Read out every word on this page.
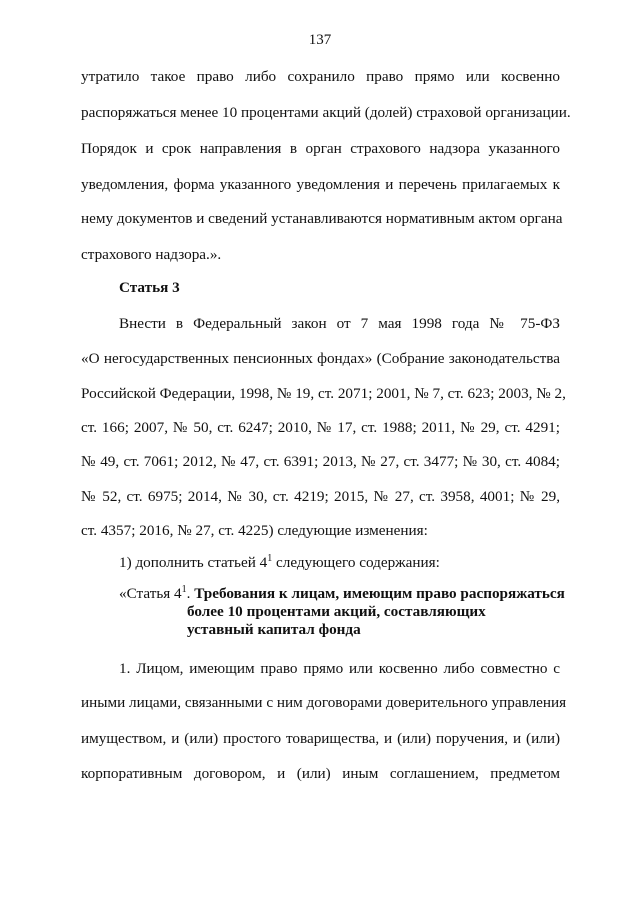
137
утратило такое право либо сохранило право прямо или косвенно
распоряжаться менее 10 процентами акций (долей) страховой организации.
Порядок и срок направления в орган страхового надзора указанного
уведомления, форма указанного уведомления и перечень прилагаемых к
нему документов и сведений устанавливаются нормативным актом органа
страхового надзора.».
Статья 3
Внести в Федеральный закон от 7 мая 1998 года № 75-ФЗ
«О негосударственных пенсионных фондах» (Собрание законодательства
Российской Федерации, 1998, № 19, ст. 2071; 2001, № 7, ст. 623; 2003, № 2,
ст. 166; 2007, № 50, ст. 6247; 2010, № 17, ст. 1988; 2011, № 29, ст. 4291;
№ 49, ст. 7061; 2012, № 47, ст. 6391; 2013, № 27, ст. 3477; № 30, ст. 4084;
№ 52, ст. 6975; 2014, № 30, ст. 4219; 2015, № 27, ст. 3958, 4001; № 29,
ст. 4357; 2016, № 27, ст. 4225) следующие изменения:
1) дополнить статьей $4^1$ следующего содержания:
«Статья $4^1$. Требования к лицам, имеющим право распоряжаться
более 10 процентами акций, составляющих
уставный капитал фонда
1. Лицом, имеющим право прямо или косвенно либо совместно с
иными лицами, связанными с ним договорами доверительного управления
имуществом, и (или) простого товарищества, и (или) поручения, и (или)
корпоративным договором, и (или) иным соглашением, предметом
